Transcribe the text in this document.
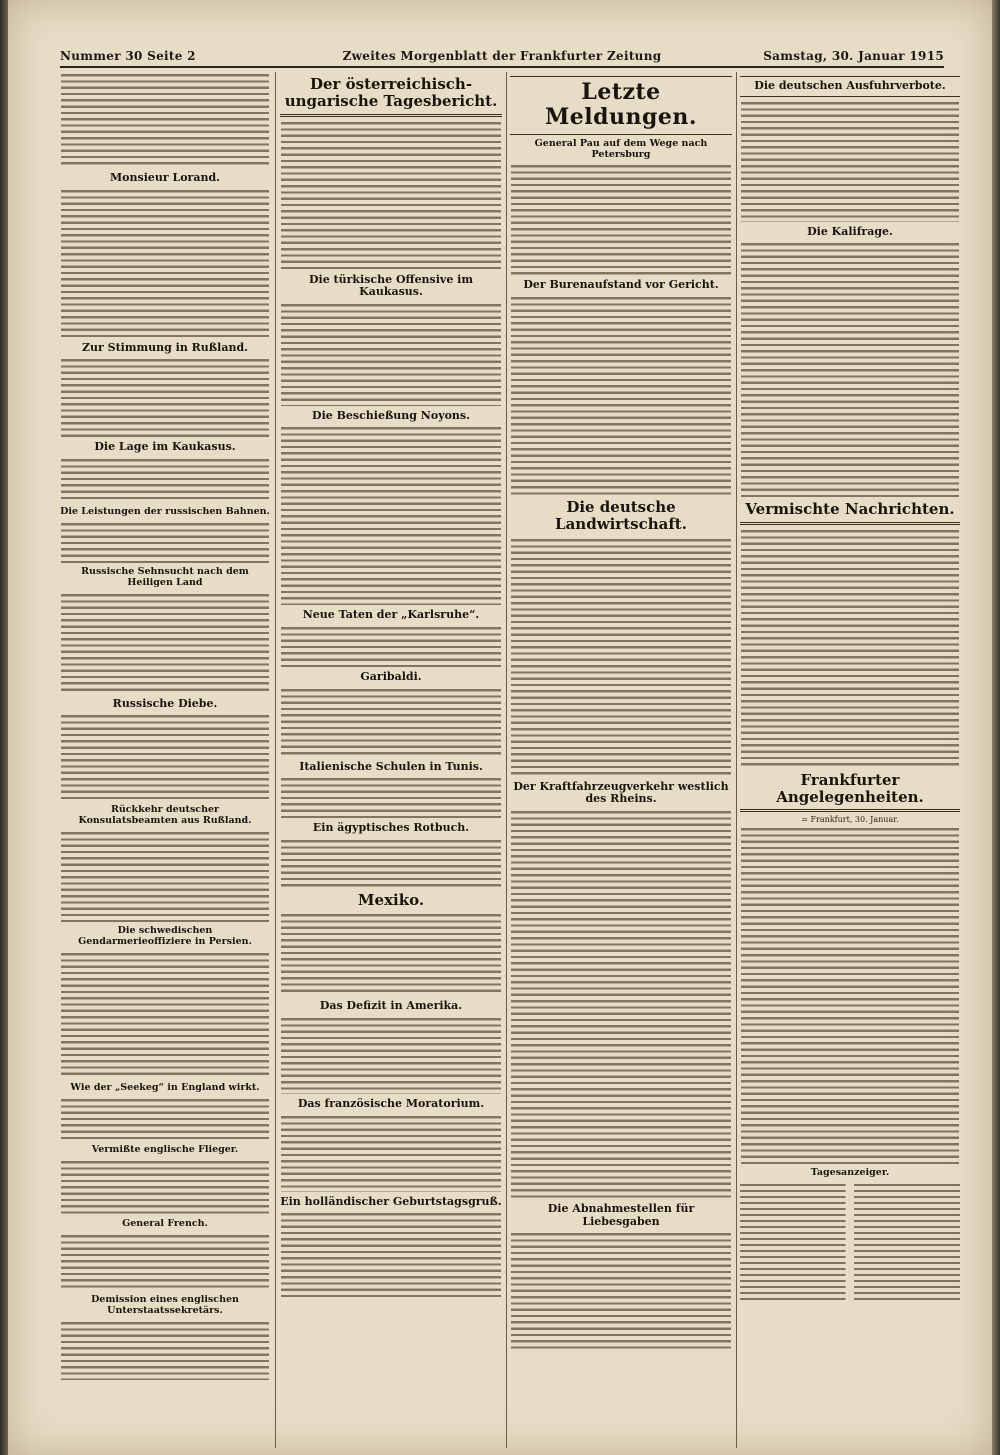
Nummer 30 Seite 2	Zweites Morgenblatt der Frankfurter Zeitung	Samstag, 30. Januar 1915
Monsieur Lorand.
Zur Stimmung in Rußland.
Die Lage im Kaukasus.
Die Leistungen der russischen Bahnen.
Russische Sehnsucht nach dem Heiligen Land
Russische Diebe.
Rückkehr deutscher Konsulatsbeamten aus Rußland.
Die schwedischen Gendarmerieoffiziere in Persien.
Wie der „Seekeg“ in England wirkt.
Vermißte englische Flieger.
General French.
Demission eines englischen Unterstaatssekretärs.
Der österreichisch-ungarische Tagesbericht.
Die türkische Offensive im Kaukasus.
Die Beschießung Noyons.
Neue Taten der „Karlsruhe“.
Garibaldi.
Italienische Schulen in Tunis.
Ein ägyptisches Rotbuch.
Mexiko.
Das Defizit in Amerika.
Das französische Moratorium.
Ein holländischer Geburtstagsgruß.
Letzte Meldungen.
General Pau auf dem Wege nach Petersburg
Der Burenaufstand vor Gericht.
Die deutsche Landwirtschaft.
Der Kraftfahrzeugverkehr westlich des Rheins.
Die Abnahmestellen für Liebesgaben
Die deutschen Ausfuhrverbote.
Die Kalifrage.
Vermischte Nachrichten.
Frankfurter Angelegenheiten.
= Frankfurt, 30. Januar.
Tagesanzeiger.
